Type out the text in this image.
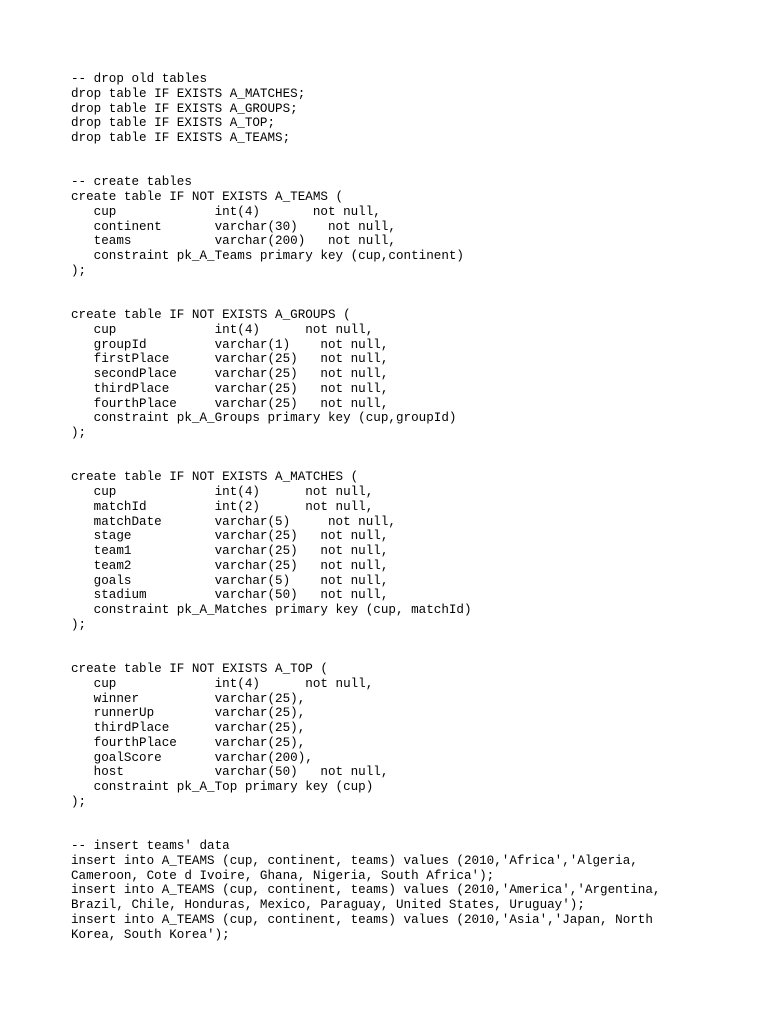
-- drop old tables
drop table IF EXISTS A_MATCHES;
drop table IF EXISTS A_GROUPS;
drop table IF EXISTS A_TOP;
drop table IF EXISTS A_TEAMS;
-- create tables
create table IF NOT EXISTS A_TEAMS (
cup             int(4)       not null,
continent       varchar(30)    not null,
teams           varchar(200)   not null,
constraint pk_A_Teams primary key (cup,continent)
);
create table IF NOT EXISTS A_GROUPS (
cup             int(4)      not null,
groupId         varchar(1)    not null,
firstPlace      varchar(25)   not null,
secondPlace     varchar(25)   not null,
thirdPlace      varchar(25)   not null,
fourthPlace     varchar(25)   not null,
constraint pk_A_Groups primary key (cup,groupId)
);
create table IF NOT EXISTS A_MATCHES (
cup             int(4)      not null,
matchId         int(2)      not null,
matchDate       varchar(5)     not null,
stage           varchar(25)   not null,
team1           varchar(25)   not null,
team2           varchar(25)   not null,
goals           varchar(5)    not null,
stadium         varchar(50)   not null,
constraint pk_A_Matches primary key (cup, matchId)
);
create table IF NOT EXISTS A_TOP (
cup             int(4)      not null,
winner          varchar(25),
runnerUp        varchar(25),
thirdPlace      varchar(25),
fourthPlace     varchar(25),
goalScore       varchar(200),
host            varchar(50)   not null,
constraint pk_A_Top primary key (cup)
);
-- insert teams' data
insert into A_TEAMS (cup, continent, teams) values (2010,'Africa','Algeria,
Cameroon, Cote d Ivoire, Ghana, Nigeria, South Africa');
insert into A_TEAMS (cup, continent, teams) values (2010,'America','Argentina,
Brazil, Chile, Honduras, Mexico, Paraguay, United States, Uruguay');
insert into A_TEAMS (cup, continent, teams) values (2010,'Asia','Japan, North
Korea, South Korea');
